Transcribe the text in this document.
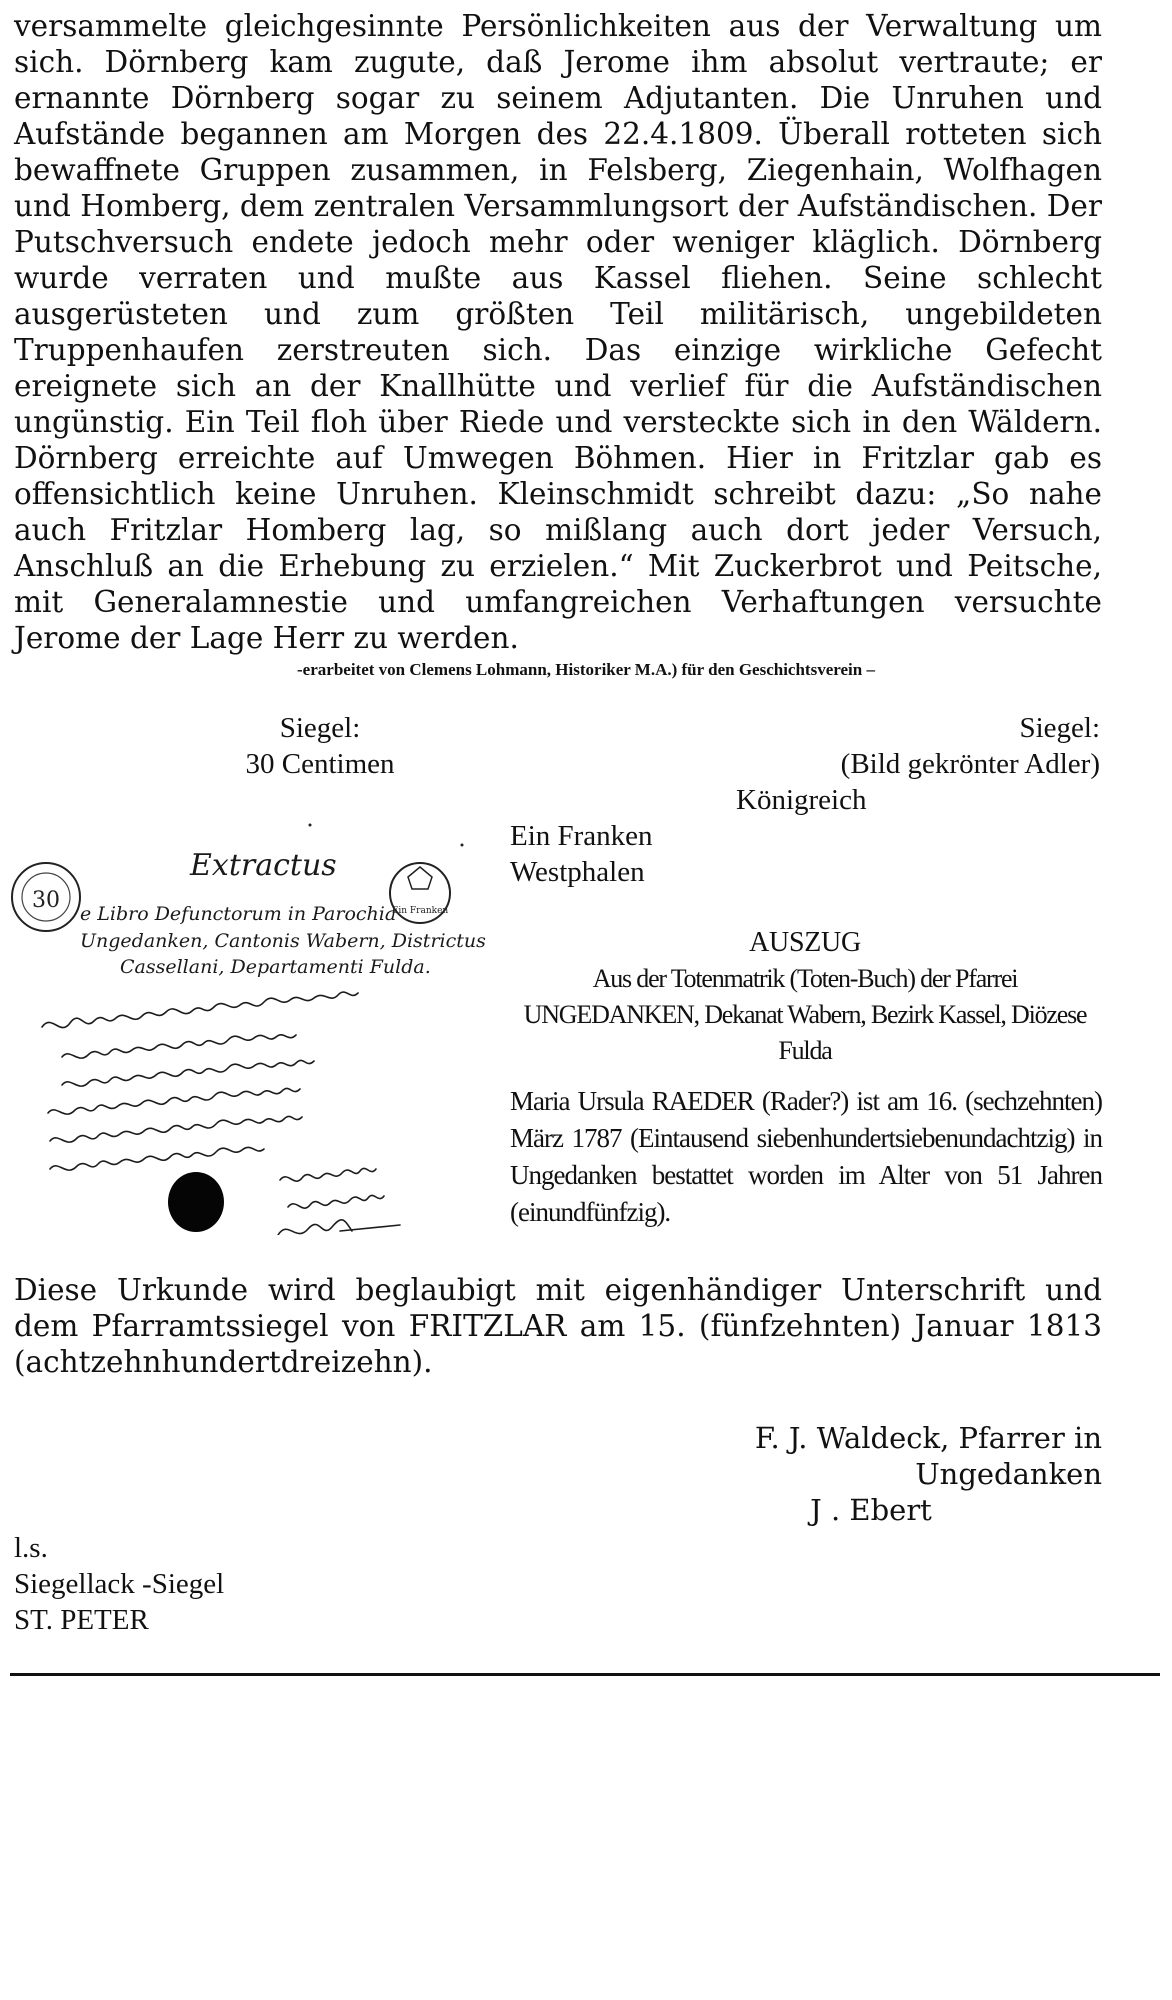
versammelte gleichgesinnte Persönlichkeiten aus der Verwaltung um sich. Dörnberg kam zugute, daß Jerome ihm absolut vertraute; er ernannte Dörnberg sogar zu seinem Adjutanten. Die Unruhen und Aufstände begannen am Morgen des 22.4.1809. Überall rotteten sich bewaffnete Gruppen zusammen, in Felsberg, Ziegenhain, Wolfhagen und Homberg, dem zentralen Versammlungsort der Aufständischen. Der Putschversuch endete jedoch mehr oder weniger kläglich. Dörnberg wurde verraten und mußte aus Kassel fliehen. Seine schlecht ausgerüsteten und zum größten Teil militärisch, ungebildeten Truppenhaufen zerstreuten sich. Das einzige wirkliche Gefecht ereignete sich an der Knallhütte und verlief für die Aufständischen ungünstig. Ein Teil floh über Riede und versteckte sich in den Wäldern. Dörnberg erreichte auf Umwegen Böhmen. Hier in Fritzlar gab es offensichtlich keine Unruhen. Kleinschmidt schreibt dazu: „So nahe auch Fritzlar Homberg lag, so mißlang auch dort jeder Versuch, Anschluß an die Erhebung zu erzielen.“ Mit Zuckerbrot und Peitsche, mit Generalamnestie und umfangreichen Verhaftungen versuchte Jerome der Lage Herr zu werden.

-erarbeitet von Clemens Lohmann, Historiker M.A.) für den Geschichtsverein –
Siegel:
30 Centimen
Siegel:
(Bild gekrönter Adler)
Königreich
Ein Franken
Westphalen
30	Ein Franken
Extractus
e Libro Defunctorum in Parochia
Ungedanken, Cantonis Wabern, Districtus
Cassellani, Departamenti Fulda.
AUSZUG
Aus der Totenmatrik (Toten-Buch) der Pfarrei UNGEDANKEN, Dekanat Wabern, Bezirk Kassel, Diözese Fulda

Maria Ursula RAEDER (Rader?) ist am 16. (sechzehnten) März 1787 (Eintausend siebenhundertsiebenundachtzig) in Ungedanken bestattet worden im Alter von 51 Jahren (einundfünfzig).

Diese Urkunde wird beglaubigt mit eigenhändiger Unterschrift und dem Pfarramtssiegel von FRITZLAR am 15. (fünfzehnten) Januar 1813 (achtzehnhundertdreizehn).

F. J. Waldeck, Pfarrer in
Ungedanken
J . Ebert
l.s.
Siegellack -Siegel
ST. PETER
